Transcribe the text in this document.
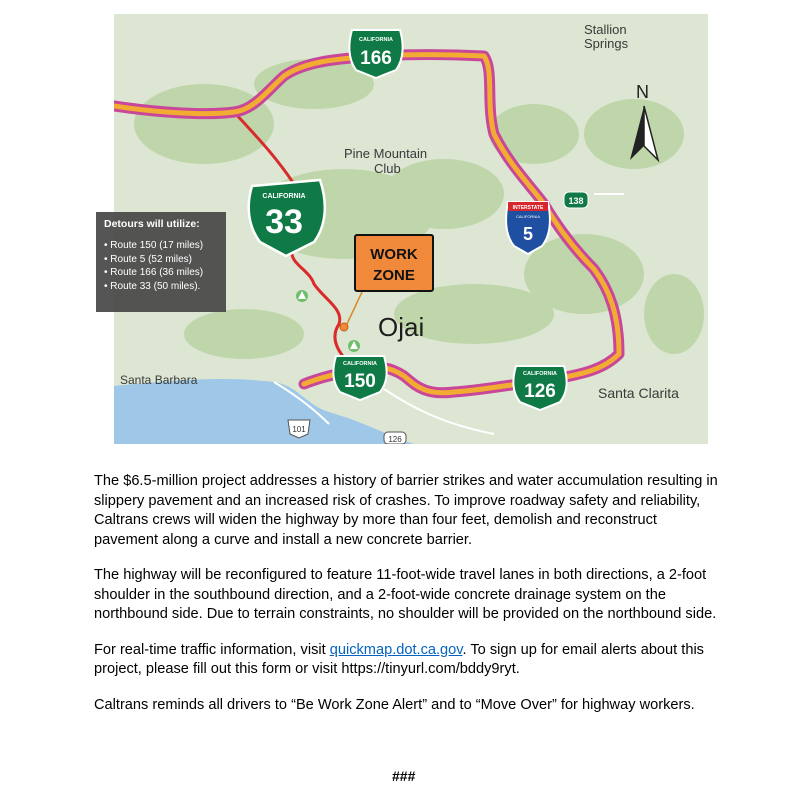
Stallion
Springs
Pine Mountain
Club
Santa Barbara
Santa Clarita
Ojai
N
WORK
ZONE
CALIFORNIA
166
CALIFORNIA
33
CALIFORNIA
150	CALIFORNIA
126
INTERSTATE
CALIFORNIA
5
138
101
126
Detours will utilize:
• Route 150 (17 miles)
• Route 5 (52 miles)
• Route 166 (36 miles)
• Route 33 (50 miles).

The $6.5-million project addresses a history of barrier strikes and water accumulation resulting in slippery pavement and an increased risk of crashes. To improve roadway safety and reliability, Caltrans crews will widen the highway by more than four feet, demolish and reconstruct pavement along a curve and install a new concrete barrier.

The highway will be reconfigured to feature 11-foot-wide travel lanes in both directions, a 2-foot shoulder in the southbound direction, and a 2-foot-wide concrete drainage system on the northbound side. Due to terrain constraints, no shoulder will be provided on the northbound side.

For real-time traffic information, visit quickmap.dot.ca.gov. To sign up for email alerts about this project, please fill out this form or visit https://tinyurl.com/bddy9ryt.

Caltrans reminds all drivers to “Be Work Zone Alert” and to “Move Over” for highway workers.

###
